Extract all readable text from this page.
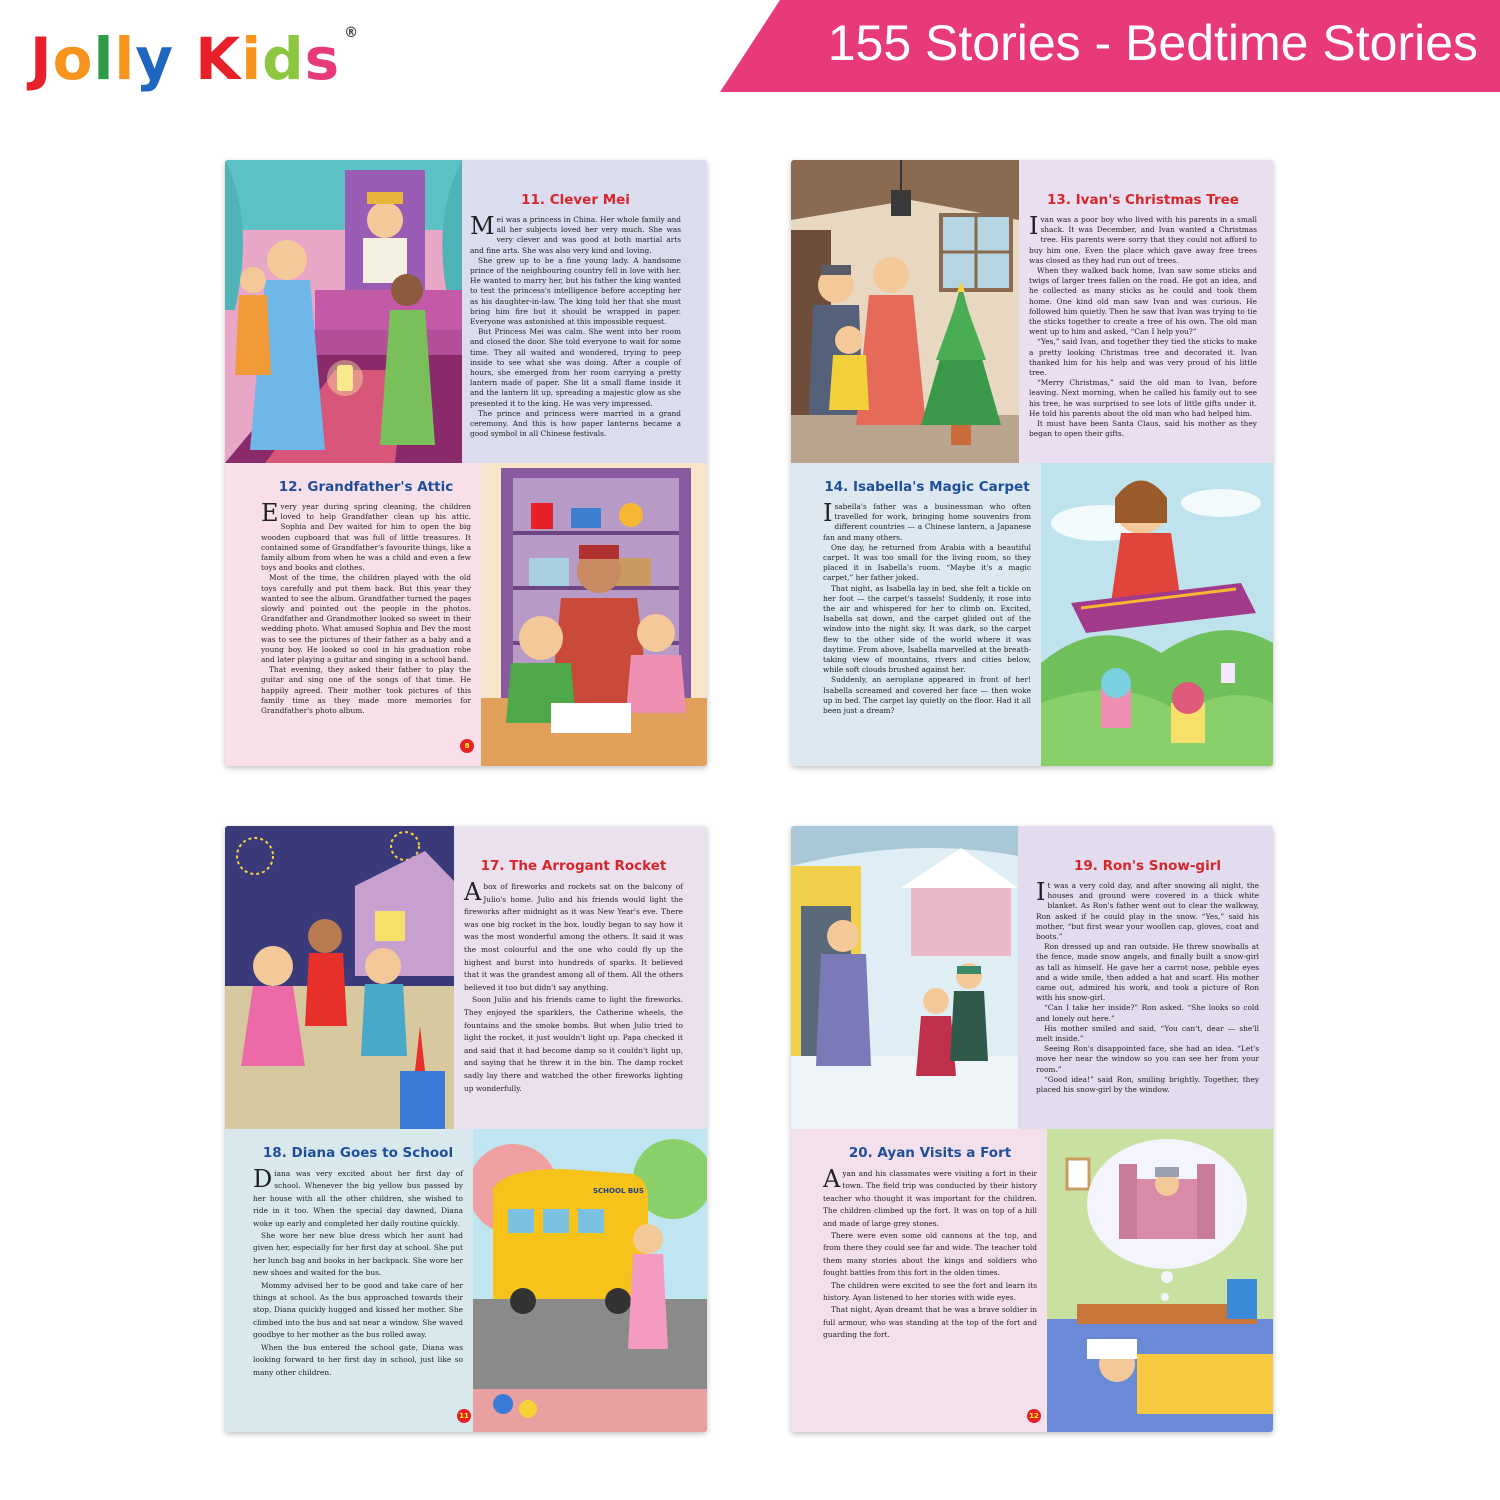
Jolly Kids ®	155 Stories - Bedtime Stories
11. Clever Mei

Mei was a princess in China. Her whole family and all her subjects loved her very much. She was very clever and was good at both martial arts and fine arts. She was also very kind and loving.

She grew up to be a fine young lady. A handsome prince of the neighbouring country fell in love with her. He wanted to marry her, but his father the king wanted to test the princess's intelligence before accepting her as his daughter-in-law. The king told her that she must bring him fire but it should be wrapped in paper. Everyone was astonished at this impossible request.

But Princess Mei was calm. She went into her room and closed the door. She told everyone to wait for some time. They all waited and wondered, trying to peep inside to see what she was doing. After a couple of hours, she emerged from her room carrying a pretty lantern made of paper. She lit a small flame inside it and the lantern lit up, spreading a majestic glow as she presented it to the king. He was very impressed.

The prince and princess were married in a grand ceremony. And this is how paper lanterns became a good symbol in all Chinese festivals.

12. Grandfather's Attic

Every year during spring cleaning, the children loved to help Grandfather clean up his attic. Sophia and Dev waited for him to open the big wooden cupboard that was full of little treasures. It contained some of Grandfather's favourite things, like a family album from when he was a child and even a few toys and books and clothes.

Most of the time, the children played with the old toys carefully and put them back. But this year they wanted to see the album. Grandfather turned the pages slowly and pointed out the people in the photos. Grandfather and Grandmother looked so sweet in their wedding photo. What amused Sophia and Dev the most was to see the pictures of their father as a baby and a young boy. He looked so cool in his graduation robe and later playing a guitar and singing in a school band.

That evening, they asked their father to play the guitar and sing one of the songs of that time. He happily agreed. Their mother took pictures of this family time as they made more memories for Grandfather's photo album.

8
13. Ivan's Christmas Tree

Ivan was a poor boy who lived with his parents in a small shack. It was December, and Ivan wanted a Christmas tree. His parents were sorry that they could not afford to buy him one. Even the place which gave away free trees was closed as they had run out of trees.

When they walked back home, Ivan saw some sticks and twigs of larger trees fallen on the road. He got an idea, and he collected as many sticks as he could and took them home. One kind old man saw Ivan and was curious. He followed him quietly. Then he saw that Ivan was trying to tie the sticks together to create a tree of his own. The old man went up to him and asked, “Can I help you?”

“Yes,” said Ivan, and together they tied the sticks to make a pretty looking Christmas tree and decorated it. Ivan thanked him for his help and was very proud of his little tree.

“Merry Christmas,” said the old man to Ivan, before leaving. Next morning, when he called his family out to see his tree, he was surprised to see lots of little gifts under it. He told his parents about the old man who had helped him.

It must have been Santa Claus, said his mother as they began to open their gifts.

14. Isabella's Magic Carpet

Isabella's father was a businessman who often travelled for work, bringing home souvenirs from different countries — a Chinese lantern, a Japanese fan and many others.

One day, he returned from Arabia with a beautiful carpet. It was too small for the living room, so they placed it in Isabella's room. “Maybe it's a magic carpet,” her father joked.

That night, as Isabella lay in bed, she felt a tickle on her foot — the carpet's tassels! Suddenly, it rose into the air and whispered for her to climb on. Excited, Isabella sat down, and the carpet glided out of the window into the night sky. It was dark, so the carpet flew to the other side of the world where it was daytime. From above, Isabella marvelled at the breath-taking view of mountains, rivers and cities below, while soft clouds brushed against her.

Suddenly, an aeroplane appeared in front of her! Isabella screamed and covered her face — then woke up in bed. The carpet lay quietly on the floor. Had it all been just a dream?

17. The Arrogant Rocket

Abox of fireworks and rockets sat on the balcony of Julio's home. Julio and his friends would light the fireworks after midnight as it was New Year's eve. There was one big rocket in the box. loudly began to say how it was the most wonderful among the others. It said it was the most colourful and the one who could fly up the highest and burst into hundreds of sparks. It believed that it was the grandest among all of them. All the others believed it too but didn't say anything.

Soon Julio and his friends came to light the fireworks. They enjoyed the sparklers, the Catherine wheels, the fountains and the smoke bombs. But when Julio tried to light the rocket, it just wouldn't light up. Papa checked it and said that it had become damp so it couldn't light up, and saying that he threw it in the bin. The damp rocket sadly lay there and watched the other fireworks lighting up wonderfully.

18. Diana Goes to School

Diana was very excited about her first day of school. Whenever the big yellow bus passed by her house with all the other children, she wished to ride in it too. When the special day dawned, Diana woke up early and completed her daily routine quickly.

She wore her new blue dress which her aunt had given her, especially for her first day at school. She put her lunch bag and books in her backpack. She wore her new shoes and waited for the bus.

Mommy advised her to be good and take care of her things at school. As the bus approached towards their stop, Diana quickly hugged and kissed her mother. She climbed into the bus and sat near a window. She waved goodbye to her mother as the bus rolled away.

When the bus entered the school gate, Diana was looking forward to her first day in school, just like so many other children.

11
SCHOOL BUS
19. Ron's Snow-girl

It was a very cold day, and after snowing all night, the houses and ground were covered in a thick white blanket. As Ron's father went out to clear the walkway, Ron asked if he could play in the snow. “Yes,” said his mother, “but first wear your woollen cap, gloves, coat and boots.”

Ron dressed up and ran outside. He threw snowballs at the fence, made snow angels, and finally built a snow-girl as tall as himself. He gave her a carrot nose, pebble eyes and a wide smile, then added a hat and scarf. His mother came out, admired his work, and took a picture of Ron with his snow-girl.

“Can I take her inside?” Ron asked. “She looks so cold and lonely out here.”

His mother smiled and said, “You can't, dear — she'll melt inside.”

Seeing Ron's disappointed face, she had an idea. “Let's move her near the window so you can see her from your room.”

“Good idea!” said Ron, smiling brightly. Together, they placed his snow-girl by the window.

20. Ayan Visits a Fort

Ayan and his classmates were visiting a fort in their town. The field trip was conducted by their history teacher who thought it was important for the children. The children climbed up the fort. It was on top of a hill and made of large grey stones.

There were even some old cannons at the top, and from there they could see far and wide. The teacher told them many stories about the kings and soldiers who fought battles from this fort in the olden times.

The children were excited to see the fort and learn its history. Ayan listened to her stories with wide eyes.

That night, Ayan dreamt that he was a brave soldier in full armour, who was standing at the top of the fort and guarding the fort.

12
